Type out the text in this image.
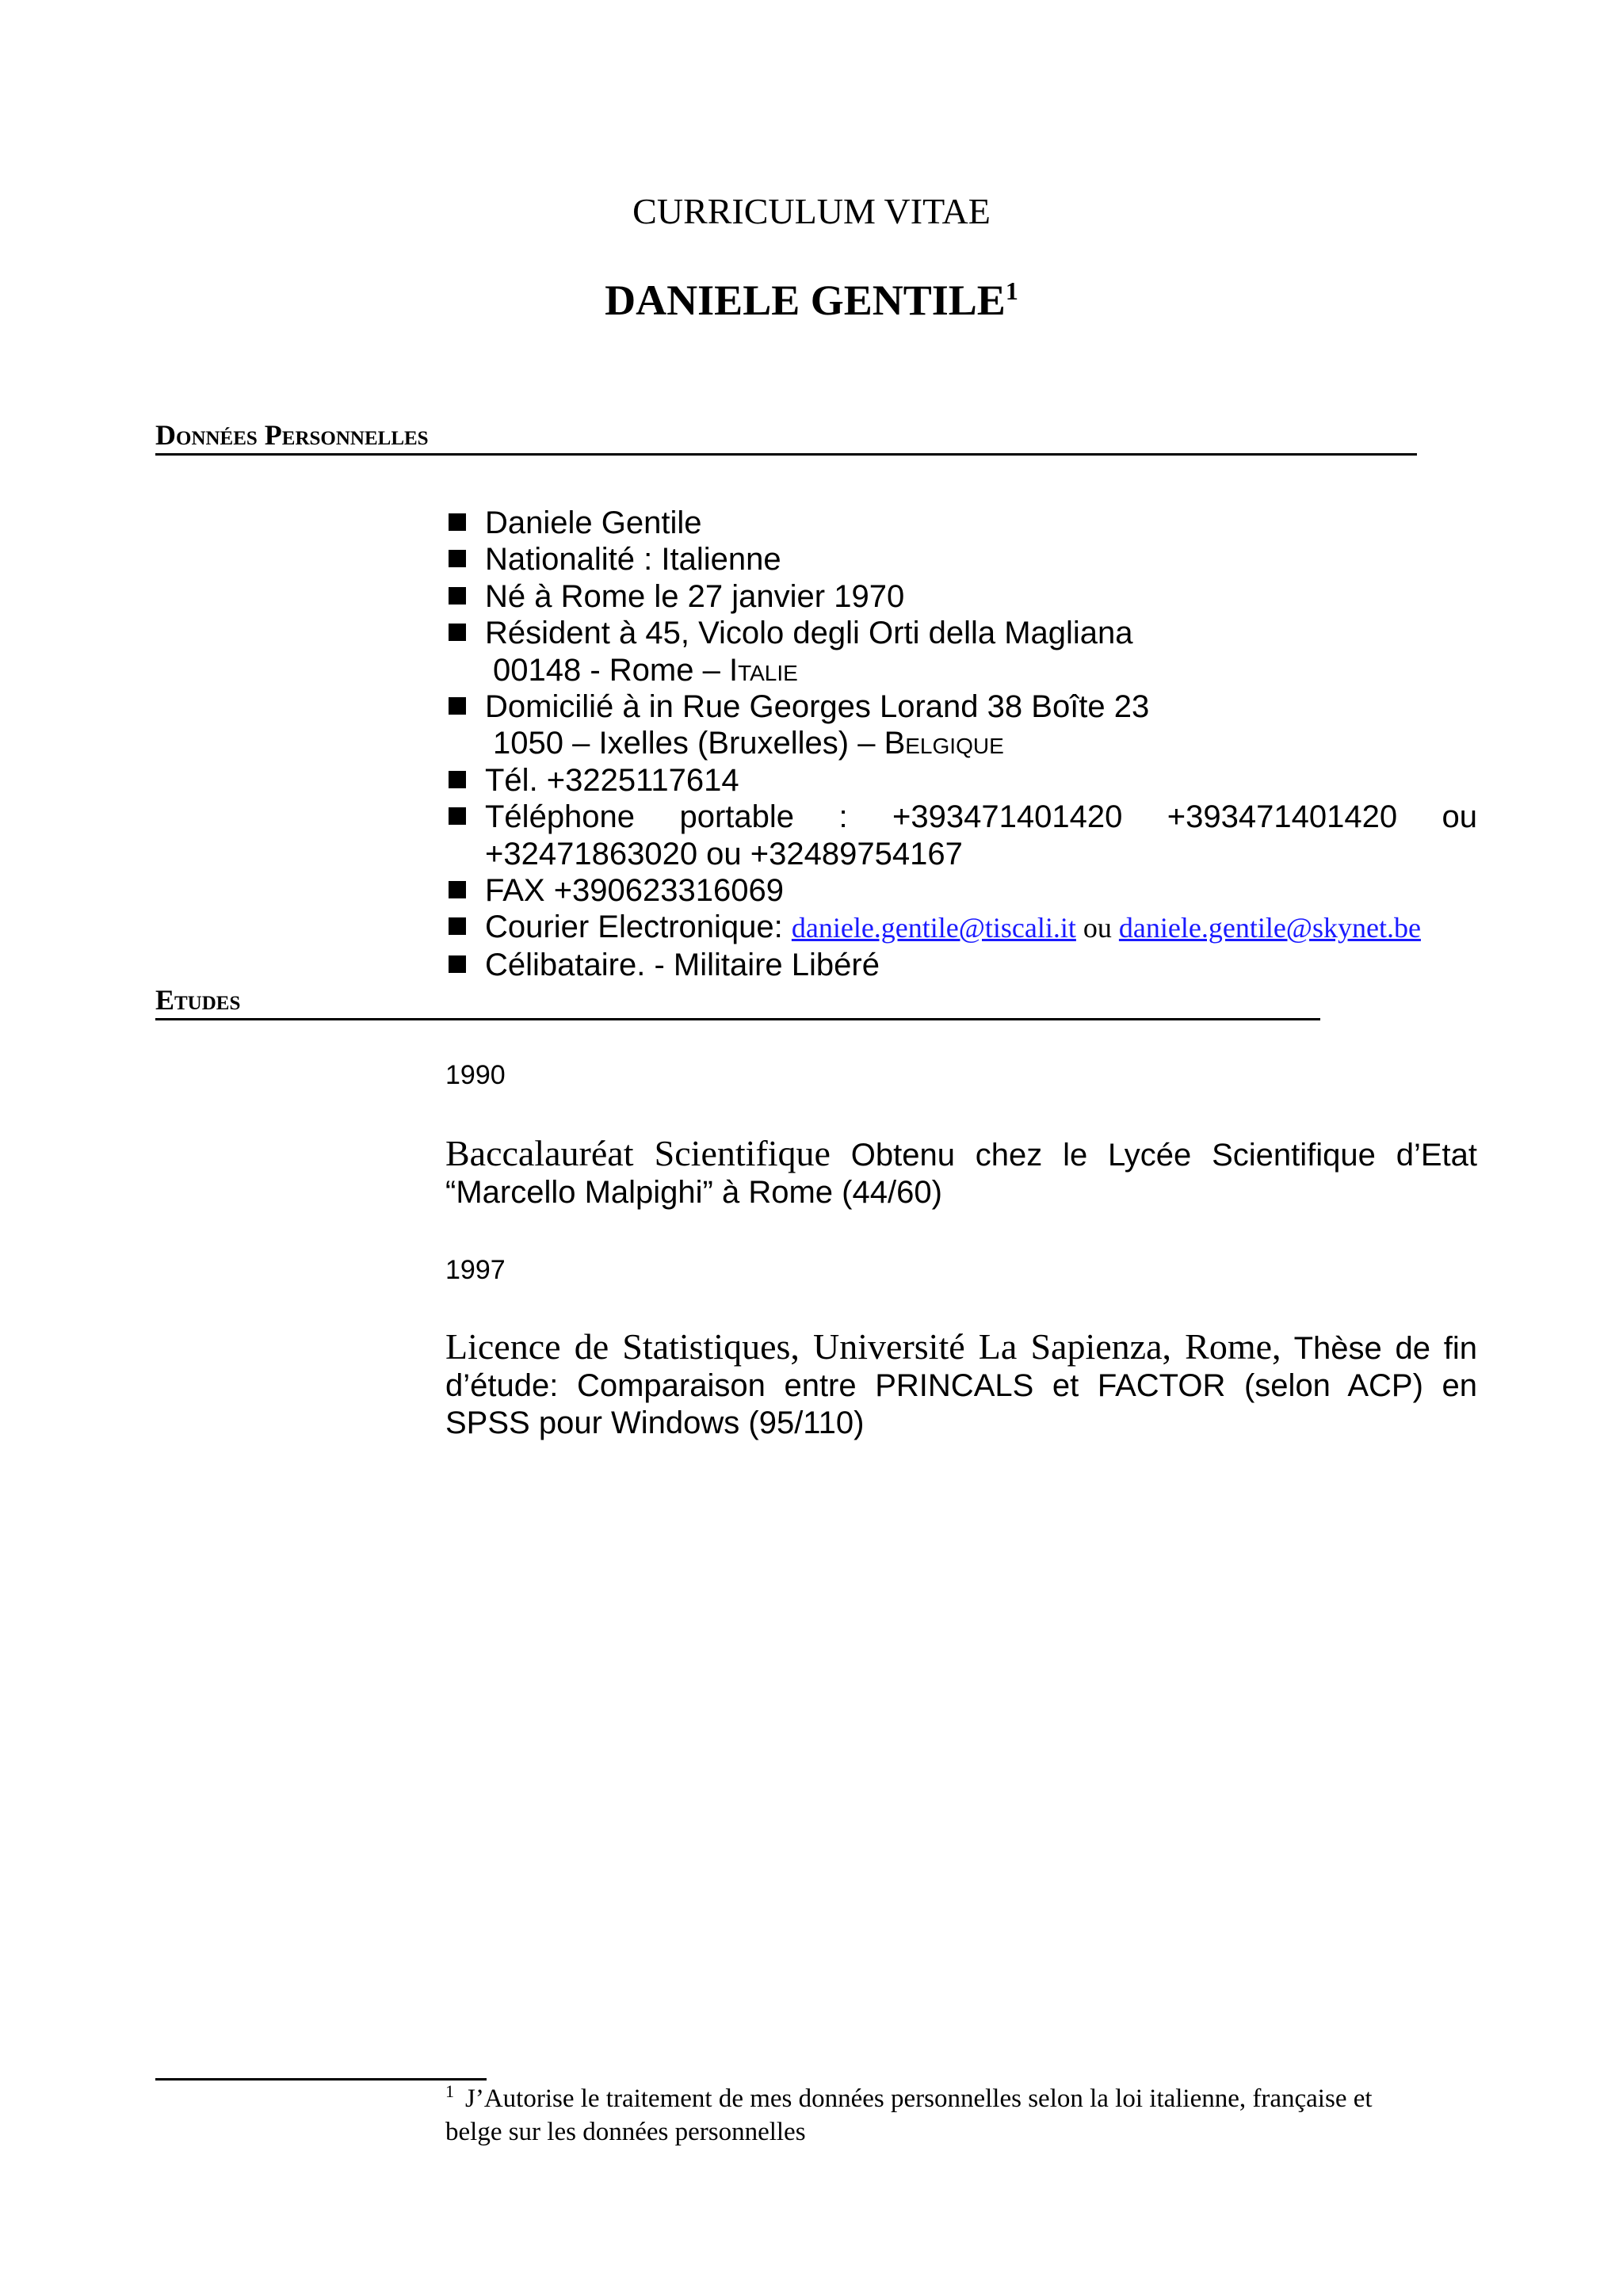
CURRICULUM VITAE
DANIELE GENTILE$^1$
Données Personnelles
Daniele Gentile
Nationalité : Italienne
Né à Rome le 27 janvier 1970
Résident à 45, Vicolo degli Orti della Magliana
00148 - Rome – Italie
Domicilié à in Rue Georges Lorand 38 Boîte 23
1050 – Ixelles (Bruxelles) – Belgique
Tél. +3225117614
Téléphone portable : +393471401420 +393471401420 ou
+32471863020 ou +32489754167
FAX +390623316069
Courier Electronique: daniele.gentile@tiscali.it ou daniele.gentile@skynet.be
Célibataire. - Militaire Libéré
Etudes
1990
Baccalauréat Scientifique Obtenu chez le Lycée Scientifique d’Etat “Marcello Malpighi” à Rome (44/60)
1997
Licence de Statistiques, Université La Sapienza, Rome, Thèse de fin d’étude: Comparaison entre PRINCALS et FACTOR (selon ACP) en SPSS pour Windows (95/110)
$^1$ J’Autorise le traitement de mes données personnelles selon la loi italienne, française et belge sur les données personnelles
